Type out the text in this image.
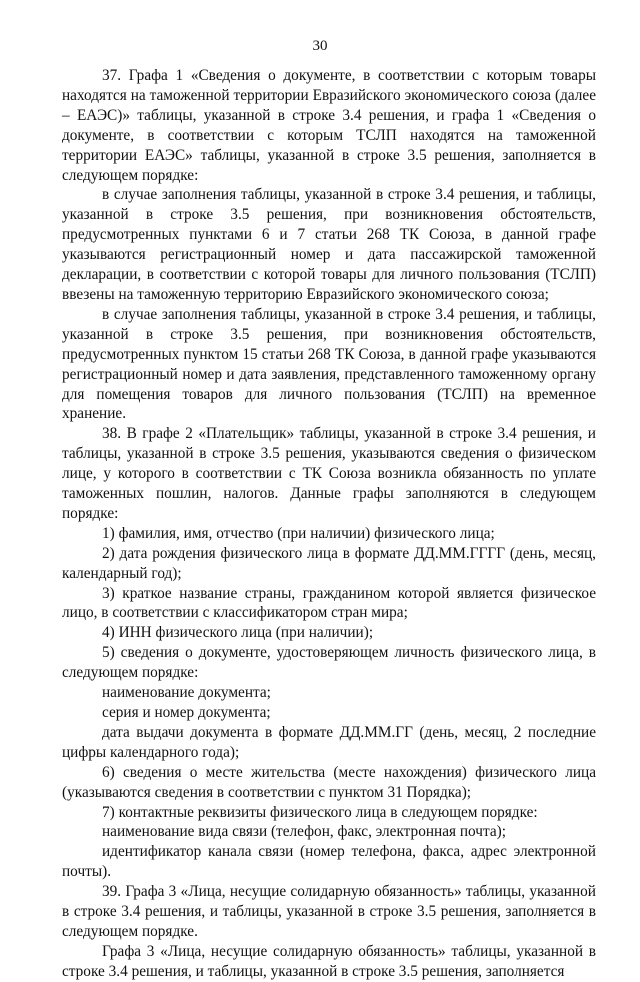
30

37. Графа 1 «Сведения о документе, в соответствии с которым товары находятся на таможенной территории Евразийского экономического союза (далее – ЕАЭС)» таблицы, указанной в строке 3.4 решения, и графа 1 «Сведения о документе, в соответствии с которым ТСЛП находятся на таможенной территории ЕАЭС» таблицы, указанной в строке 3.5 решения, заполняется в следующем порядке:

в случае заполнения таблицы, указанной в строке 3.4 решения, и таблицы, указанной в строке 3.5 решения, при возникновения обстоятельств, предусмотренных пунктами 6 и 7 статьи 268 ТК Союза, в данной графе указываются регистрационный номер и дата пассажирской таможенной декларации, в соответствии с которой товары для личного пользования (ТСЛП) ввезены на таможенную территорию Евразийского экономического союза;

в случае заполнения таблицы, указанной в строке 3.4 решения, и таблицы, указанной в строке 3.5 решения, при возникновения обстоятельств, предусмотренных пунктом 15 статьи 268 ТК Союза, в данной графе указываются регистрационный номер и дата заявления, представленного таможенному органу для помещения товаров для личного пользования (ТСЛП) на временное хранение.

38. В графе 2 «Плательщик» таблицы, указанной в строке 3.4 решения, и таблицы, указанной в строке 3.5 решения, указываются сведения о физическом лице, у которого в соответствии с ТК Союза возникла обязанность по уплате таможенных пошлин, налогов. Данные графы заполняются в следующем порядке:

1) фамилия, имя, отчество (при наличии) физического лица;

2) дата рождения физического лица в формате ДД.ММ.ГГГГ (день, месяц, календарный год);

3) краткое название страны, гражданином которой является физическое лицо, в соответствии с классификатором стран мира;

4) ИНН физического лица (при наличии);

5) сведения о документе, удостоверяющем личность физического лица, в следующем порядке:

наименование документа;

серия и номер документа;

дата выдачи документа в формате ДД.ММ.ГГ (день, месяц, 2 последние цифры календарного года);

6) сведения о месте жительства (месте нахождения) физического лица (указываются сведения в соответствии с пунктом 31 Порядка);

7) контактные реквизиты физического лица в следующем порядке:

наименование вида связи (телефон, факс, электронная почта);

идентификатор канала связи (номер телефона, факса, адрес электронной почты).

39. Графа 3 «Лица, несущие солидарную обязанность» таблицы, указанной в строке 3.4 решения, и таблицы, указанной в строке 3.5 решения, заполняется в следующем порядке.

Графа 3 «Лица, несущие солидарную обязанность» таблицы, указанной в строке 3.4 решения, и таблицы, указанной в строке 3.5 решения, заполняется
